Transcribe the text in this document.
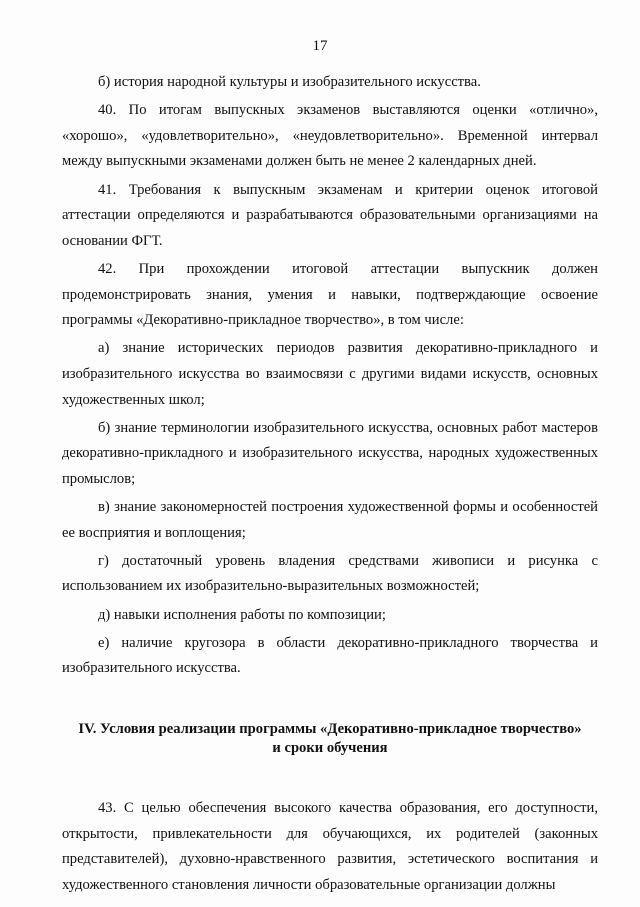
17

б) история народной культуры и изобразительного искусства.

40. По итогам выпускных экзаменов выставляются оценки «отлично», «хорошо», «удовлетворительно», «неудовлетворительно». Временной интервал между выпускными экзаменами должен быть не менее 2 календарных дней.

41. Требования к выпускным экзаменам и критерии оценок итоговой аттестации определяются и разрабатываются образовательными организациями на основании ФГТ.

42. При прохождении итоговой аттестации выпускник должен продемонстрировать знания, умения и навыки, подтверждающие освоение программы «Декоративно-прикладное творчество», в том числе:

а) знание исторических периодов развития декоративно-прикладного и изобразительного искусства во взаимосвязи с другими видами искусств, основных художественных школ;

б) знание терминологии изобразительного искусства, основных работ мастеров декоративно-прикладного и изобразительного искусства, народных художественных промыслов;

в) знание закономерностей построения художественной формы и особенностей ее восприятия и воплощения;

г) достаточный уровень владения средствами живописи и рисунка с использованием их изобразительно-выразительных возможностей;

д) навыки исполнения работы по композиции;

е) наличие кругозора в области декоративно-прикладного творчества и изобразительного искусства.

IV. Условия реализации программы «Декоративно-прикладное творчество»
и сроки обучения

43. С целью обеспечения высокого качества образования, его доступности, открытости, привлекательности для обучающихся, их родителей (законных представителей), духовно-нравственного развития, эстетического воспитания и художественного становления личности образовательные организации должны
